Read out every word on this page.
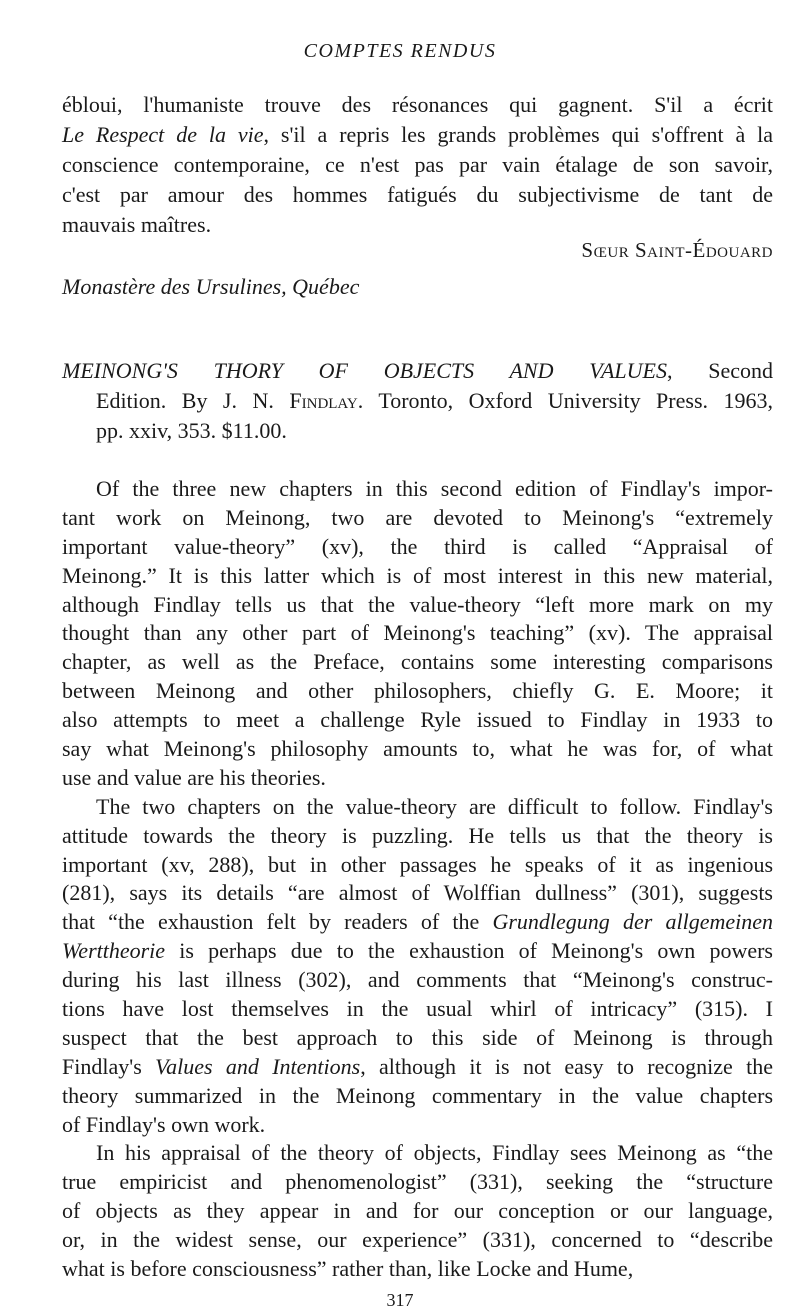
COMPTES RENDUS
ébloui, l'humaniste trouve des résonances qui gagnent. S'il a écrit
Le Respect de la vie, s'il a repris les grands problèmes qui s'offrent à la
conscience contemporaine, ce n'est pas par vain étalage de son savoir,
c'est par amour des hommes fatigués du subjectivisme de tant de
mauvais maîtres.
Sœur Saint-Édouard
Monastère des Ursulines, Québec
MEINONG'S THORY OF OBJECTS AND VALUES, Second
Edition. By J. N. Findlay. Toronto, Oxford University Press. 1963,
pp. xxiv, 353. $11.00.
Of the three new chapters in this second edition of Findlay's impor-
tant work on Meinong, two are devoted to Meinong's “extremely
important value-theory” (xv), the third is called “Appraisal of
Meinong.” It is this latter which is of most interest in this new material,
although Findlay tells us that the value-theory “left more mark on my
thought than any other part of Meinong's teaching” (xv). The appraisal
chapter, as well as the Preface, contains some interesting comparisons
between Meinong and other philosophers, chiefly G. E. Moore; it
also attempts to meet a challenge Ryle issued to Findlay in 1933 to
say what Meinong's philosophy amounts to, what he was for, of what
use and value are his theories.
The two chapters on the value-theory are difficult to follow. Findlay's
attitude towards the theory is puzzling. He tells us that the theory is
important (xv, 288), but in other passages he speaks of it as ingenious
(281), says its details “are almost of Wolffian dullness” (301), suggests
that “the exhaustion felt by readers of the Grundlegung der allgemeinen
Werttheorie is perhaps due to the exhaustion of Meinong's own powers
during his last illness (302), and comments that “Meinong's construc-
tions have lost themselves in the usual whirl of intricacy” (315). I
suspect that the best approach to this side of Meinong is through
Findlay's Values and Intentions, although it is not easy to recognize the
theory summarized in the Meinong commentary in the value chapters
of Findlay's own work.
In his appraisal of the theory of objects, Findlay sees Meinong as “the
true empiricist and phenomenologist” (331), seeking the “structure
of objects as they appear in and for our conception or our language,
or, in the widest sense, our experience” (331), concerned to “describe
what is before consciousness” rather than, like Locke and Hume,
317
